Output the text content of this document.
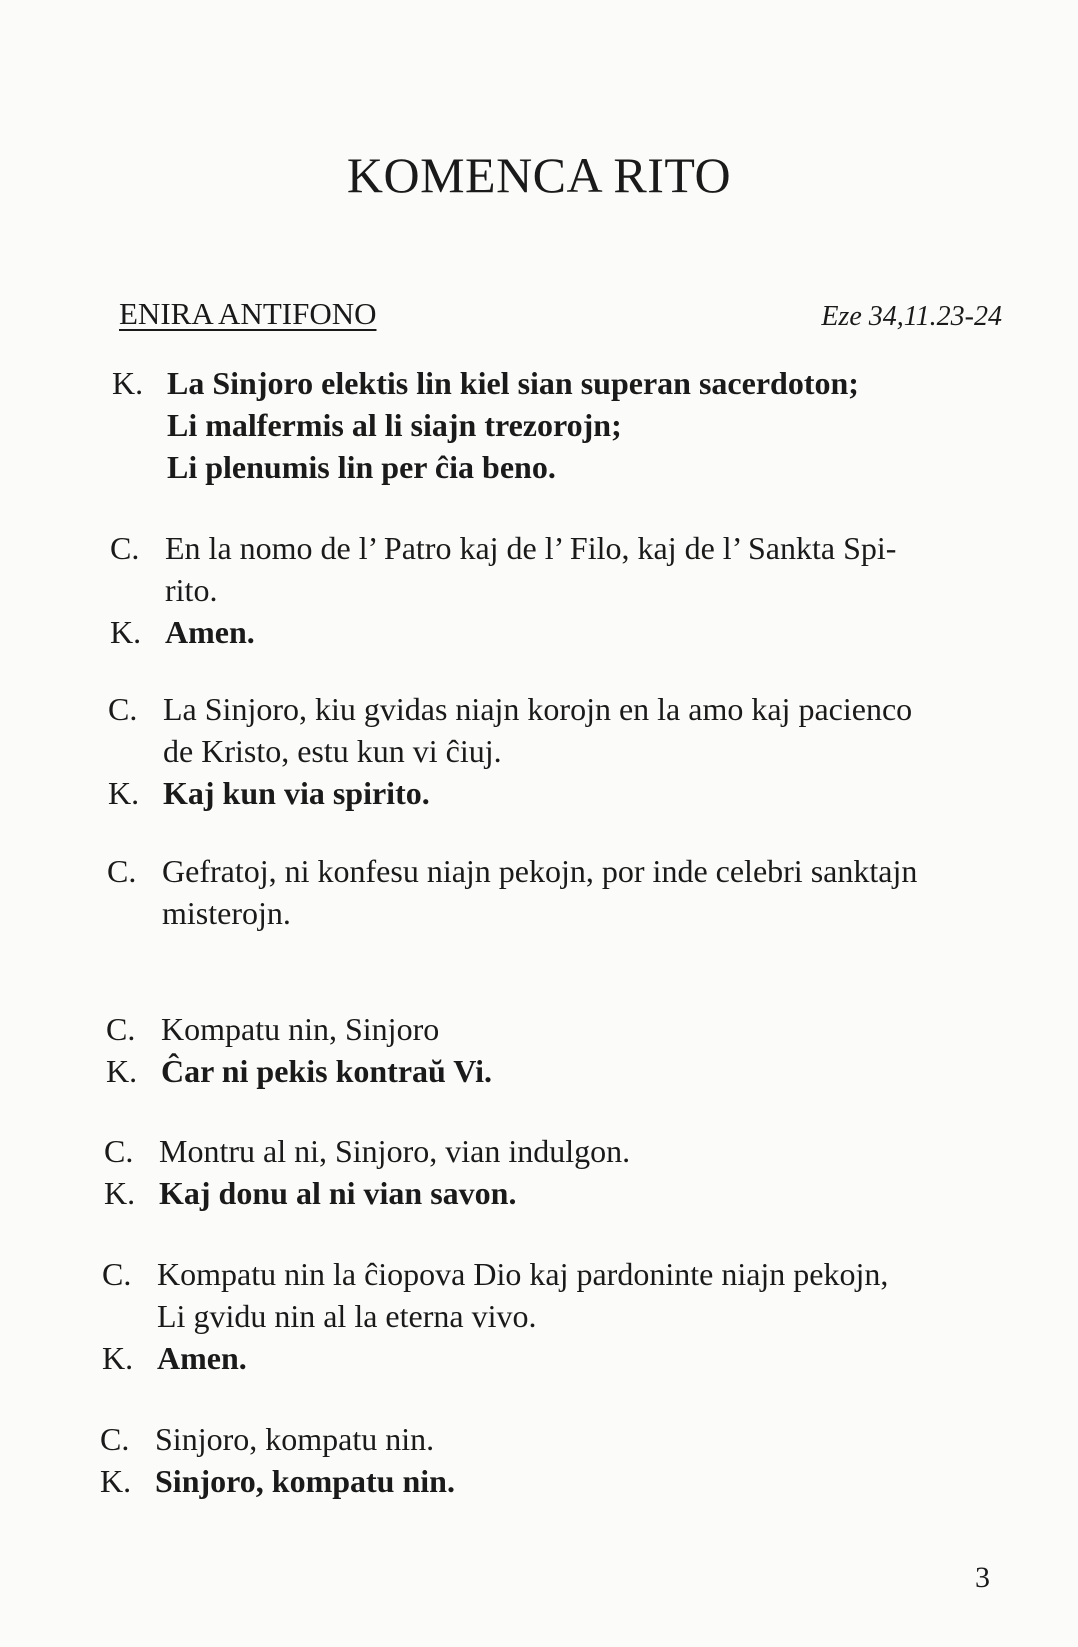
KOMENCA RITO
ENIRA ANTIFONO	Eze 34,11.23-24
K. La Sinjoro elektis lin kiel sian superan sacerdoton;
Li malfermis al li siajn trezorojn;
Li plenumis lin per ĉia beno.
C. En la nomo de l’ Patro kaj de l’ Filo, kaj de l’ Sankta Spi-
rito.
K. Amen.
C. La Sinjoro, kiu gvidas niajn korojn en la amo kaj pacienco
de Kristo, estu kun vi ĉiuj.
K. Kaj kun via spirito.
C. Gefratoj, ni konfesu niajn pekojn, por inde celebri sanktajn
misterojn.
C. Kompatu nin, Sinjoro
K. Ĉar ni pekis kontraŭ Vi.
C. Montru al ni, Sinjoro, vian indulgon.
K. Kaj donu al ni vian savon.
C. Kompatu nin la ĉiopova Dio kaj pardoninte niajn pekojn,
Li gvidu nin al la eterna vivo.
K. Amen.
C. Sinjoro, kompatu nin.
K. Sinjoro, kompatu nin.
3
